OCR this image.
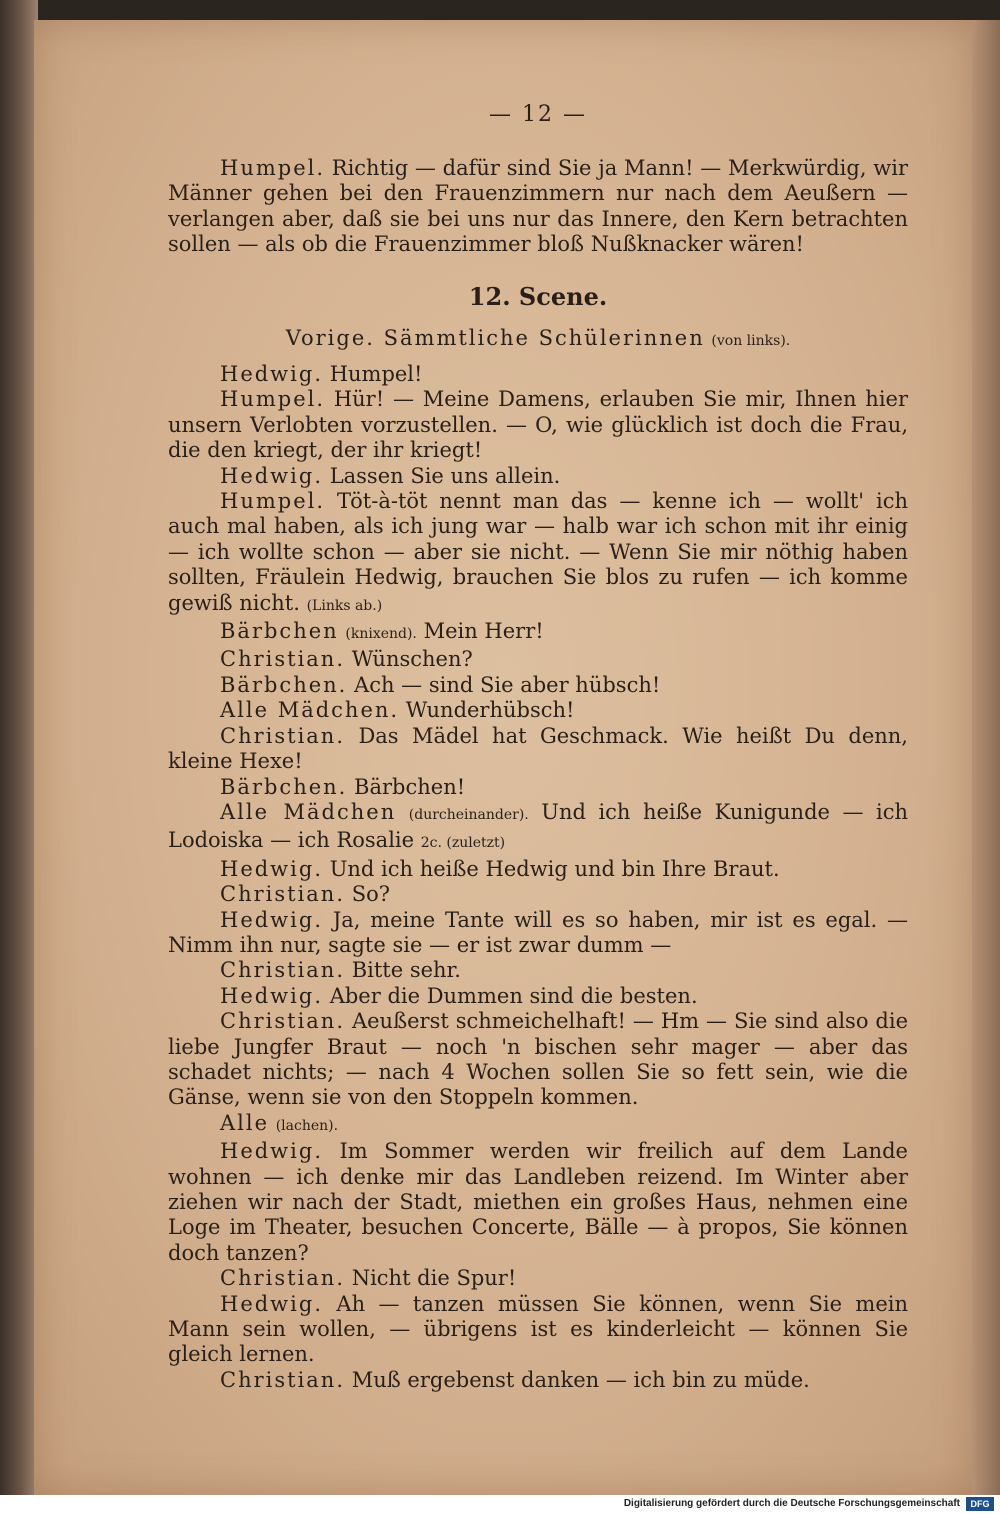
— 12 —

Humpel. Richtig — dafür sind Sie ja Mann! — Merkwürdig, wir Männer gehen bei den Frauenzimmern nur nach dem Aeußern — verlangen aber, daß sie bei uns nur das Innere, den Kern betrachten sollen — als ob die Frauenzimmer bloß Nußknacker wären!

12. Scene.
Vorige. Sämmtliche Schülerinnen (von links).

Hedwig. Humpel!

Humpel. Hür! — Meine Damens, erlauben Sie mir, Ihnen hier unsern Verlobten vorzustellen. — O, wie glücklich ist doch die Frau, die den kriegt, der ihr kriegt!

Hedwig. Lassen Sie uns allein.

Humpel. Töt-à-töt nennt man das — kenne ich — wollt' ich auch mal haben, als ich jung war — halb war ich schon mit ihr einig — ich wollte schon — aber sie nicht. — Wenn Sie mir nöthig haben sollten, Fräulein Hedwig, brauchen Sie blos zu rufen — ich komme gewiß nicht. (Links ab.)

Bärbchen (knixend). Mein Herr!

Christian. Wünschen?

Bärbchen. Ach — sind Sie aber hübsch!

Alle Mädchen. Wunderhübsch!

Christian. Das Mädel hat Geschmack. Wie heißt Du denn, kleine Hexe!

Bärbchen. Bärbchen!

Alle Mädchen (durcheinander). Und ich heiße Kunigunde — ich Lodoiska — ich Rosalie 2c. (zuletzt)

Hedwig. Und ich heiße Hedwig und bin Ihre Braut.

Christian. So?

Hedwig. Ja, meine Tante will es so haben, mir ist es egal. — Nimm ihn nur, sagte sie — er ist zwar dumm —

Christian. Bitte sehr.

Hedwig. Aber die Dummen sind die besten.

Christian. Aeußerst schmeichelhaft! — Hm — Sie sind also die liebe Jungfer Braut — noch 'n bischen sehr mager — aber das schadet nichts; — nach 4 Wochen sollen Sie so fett sein, wie die Gänse, wenn sie von den Stoppeln kommen.

Alle (lachen).

Hedwig. Im Sommer werden wir freilich auf dem Lande wohnen — ich denke mir das Landleben reizend. Im Winter aber ziehen wir nach der Stadt, miethen ein großes Haus, nehmen eine Loge im Theater, besuchen Concerte, Bälle — à propos, Sie können doch tanzen?

Christian. Nicht die Spur!

Hedwig. Ah — tanzen müssen Sie können, wenn Sie mein Mann sein wollen, — übrigens ist es kinderleicht — können Sie gleich lernen.

Christian. Muß ergebenst danken — ich bin zu müde.

Digitalisierung gefördert durch die Deutsche Forschungsgemeinschaft	DFG
